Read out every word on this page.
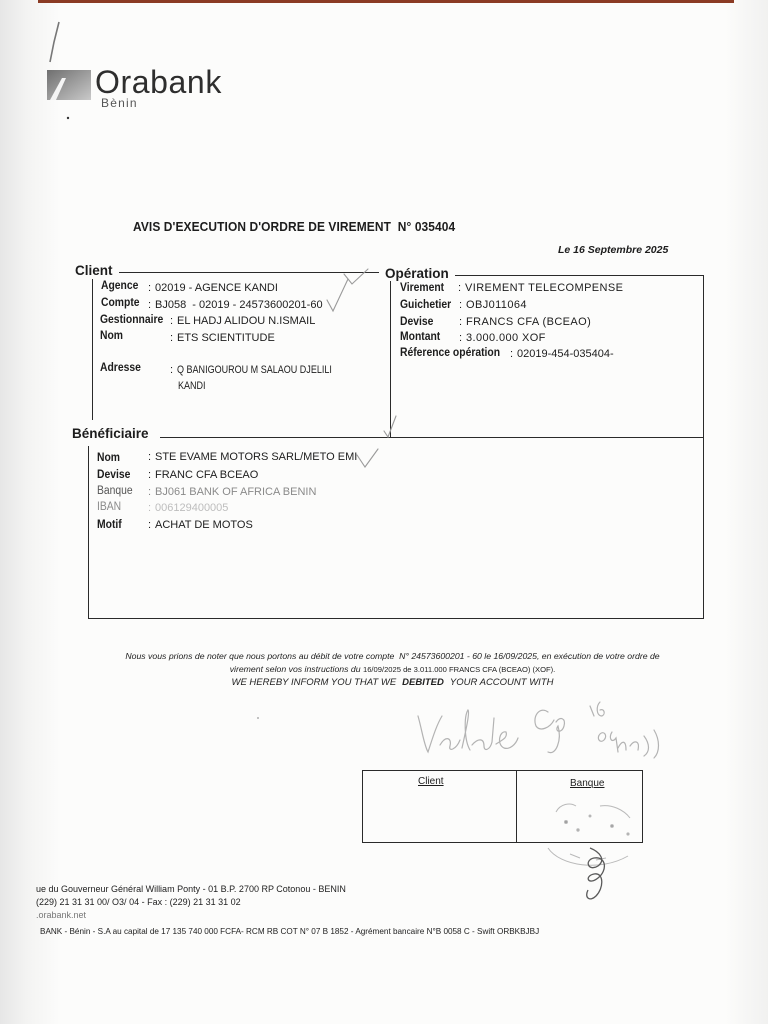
Orabank
Bènin
AVIS D'EXECUTION D'ORDRE DE VIREMENT  N° 035404
Le 16 Septembre 2025
Client	Opération
Bénéficiaire
Agence : 02019 - AGENCE KANDI
Compte : BJ058  - 02019 - 24573600201-60
Gestionnaire : EL HADJ ALIDOU N.ISMAIL
Nom	: ETS SCIENTITUDE
Adresse	: Q BANIGOUROU M SALAOU DJELILI
KANDI
Virement : VIREMENT TELECOMPENSE
Guichetier : OBJ011064
Devise : FRANCS CFA (BCEAO)
Montant : 3.000.000 XOF
Réference opération : 02019-454-035404-
Nom	: STE EVAME MOTORS SARL/METO EMI
Devise : FRANC CFA BCEAO
Banque : BJ061 BANK OF AFRICA BENIN
IBAN : 006129400005
Motif : ACHAT DE MOTOS
Nous vous prions de noter que nous portons au débit de votre compte  N° 24573600201 - 60 le 16/09/2025, en exécution de votre ordre de
virement selon vos instructions du 16/09/2025 de 3.011.000 FRANCS CFA (BCEAO) (XOF).
WE HEREBY INFORM YOU THAT WE DEBITED YOUR ACCOUNT WITH
Client	Banque
ue du Gouverneur Général William Ponty - 01 B.P. 2700 RP Cotonou - BENIN
(229) 21 31 31 00/ O3/ 04 - Fax : (229) 21 31 31 02
.orabank.net
BANK - Bénin - S.A au capital de 17 135 740 000 FCFA- RCM RB COT N° 07 B 1852 - Agrément bancaire N°B 0058 C - Swift ORBKBJBJ
